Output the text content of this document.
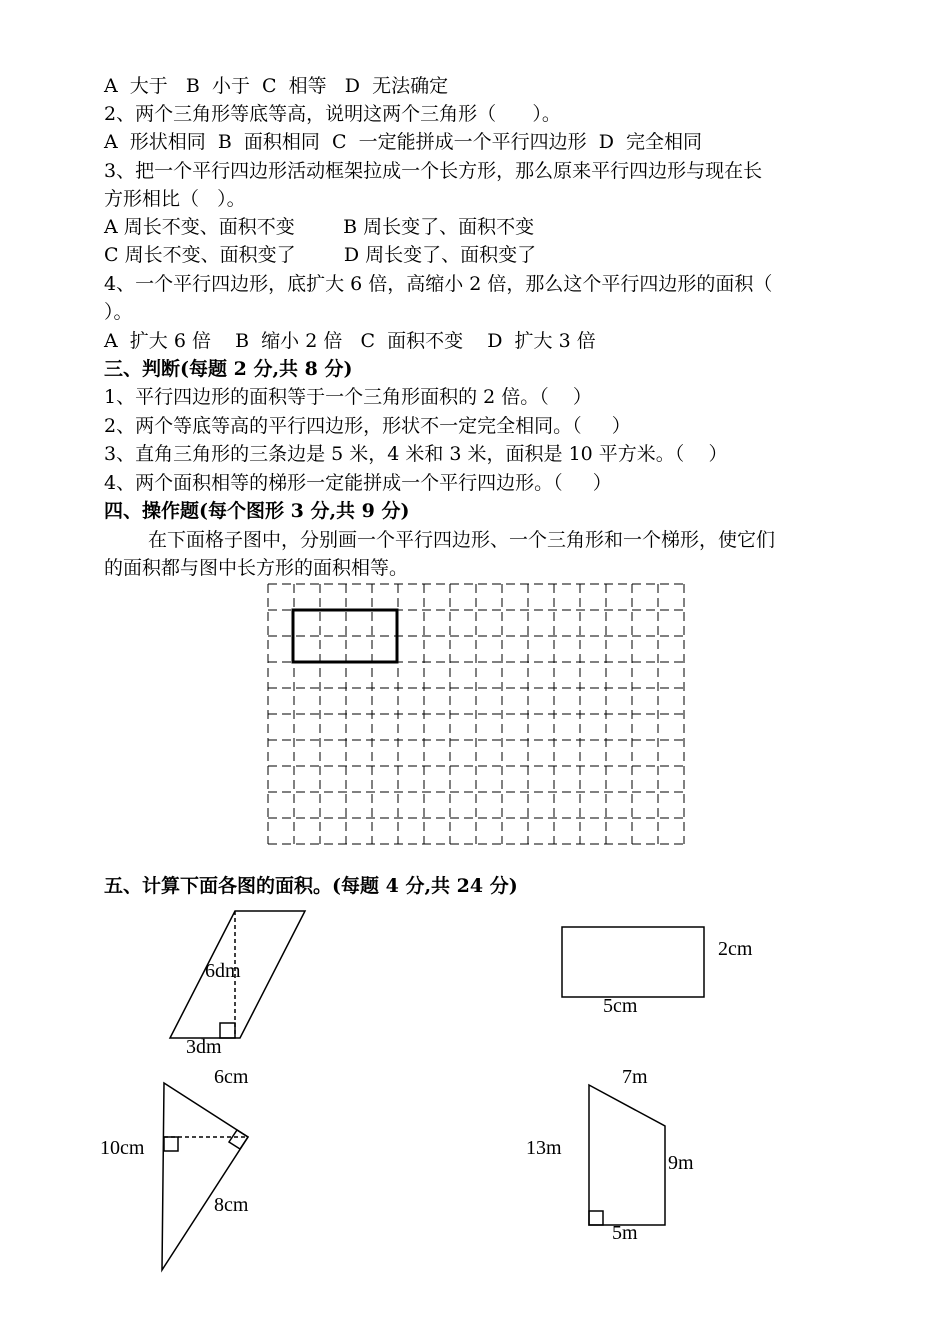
A  大于   B  小于  C  相等   D  无法确定
2、两个三角形等底等高，说明这两个三角形（      ）。
A  形状相同  B  面积相同  C  一定能拼成一个平行四边形  D  完全相同
3、把一个平行四边形活动框架拉成一个长方形，那么原来平行四边形与现在长
方形相比（   ）。
A 周长不变、面积不变        B 周长变了、面积不变
C 周长不变、面积变了        D 周长变了、面积变了
4、一个平行四边形，底扩大 6 倍，高缩小 2 倍，那么这个平行四边形的面积（
）。
A  扩大 6 倍    B  缩小 2 倍   C  面积不变    D  扩大 3 倍
三、判断(每题 2 分,共 8 分)
1、平行四边形的面积等于一个三角形面积的 2 倍。（    ）
2、两个等底等高的平行四边形，形状不一定完全相同。（     ）
3、直角三角形的三条边是 5 米，4 米和 3 米，面积是 10 平方米。（    ）
4、两个面积相等的梯形一定能拼成一个平行四边形。（     ）
四、操作题(每个图形 3 分,共 9 分)
在下面格子图中，分别画一个平行四边形、一个三角形和一个梯形，使它们
的面积都与图中长方形的面积相等。
五、计算下面各图的面积。(每题 4 分,共 24 分)
6dm
3dm
2cm
5cm
6cm
10cm
8cm
7m
13m
9m
5m
